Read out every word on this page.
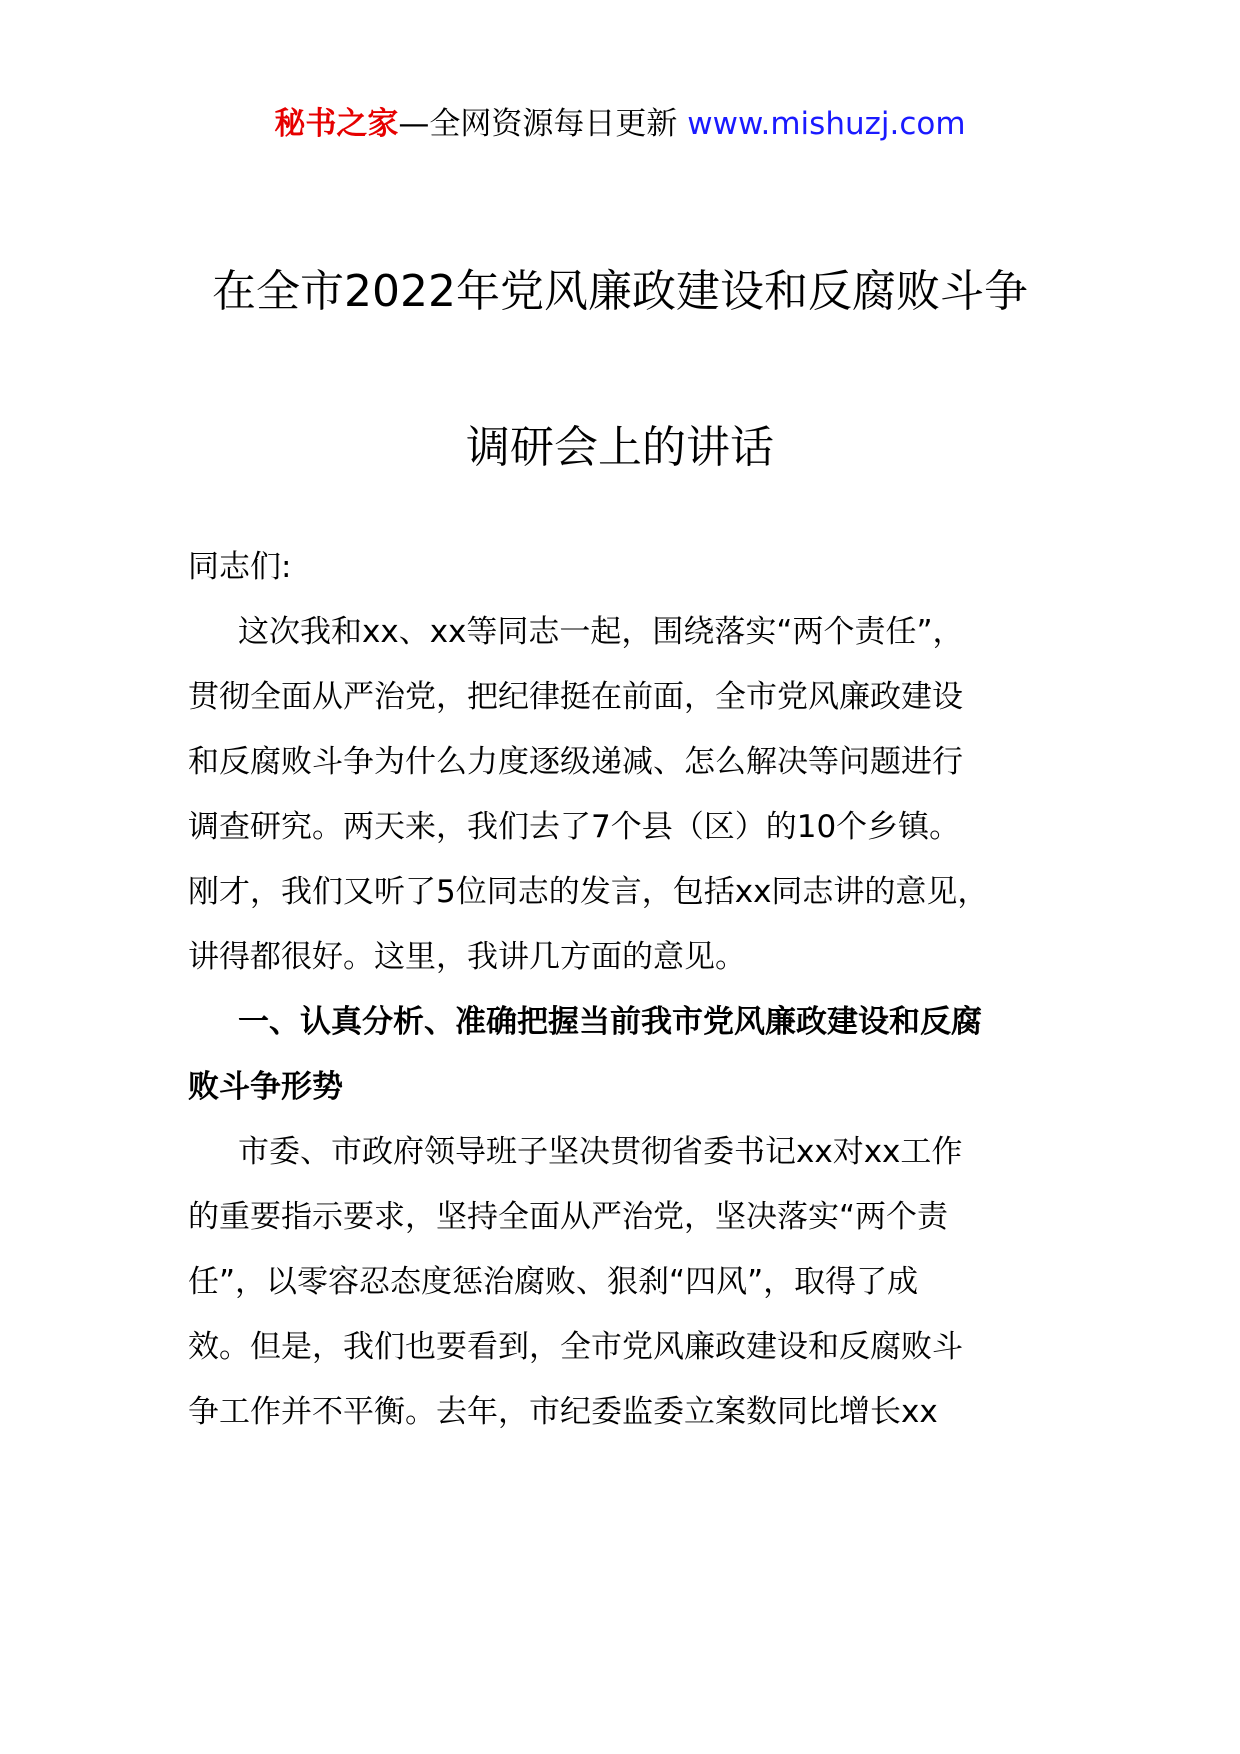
秘书之家—全网资源每日更新 www.mishuzj.com
在全市2022年党风廉政建设和反腐败斗争
调研会上的讲话
同志们:
这次我和xx、xx等同志一起，围绕落实“两个责任”，
贯彻全面从严治党，把纪律挺在前面，全市党风廉政建设
和反腐败斗争为什么力度逐级递减、怎么解决等问题进行
调查研究。两天来，我们去了7个县（区）的10个乡镇。
刚才，我们又听了5位同志的发言，包括xx同志讲的意见，
讲得都很好。这里，我讲几方面的意见。
一、认真分析、准确把握当前我市党风廉政建设和反腐
败斗争形势
市委、市政府领导班子坚决贯彻省委书记xx对xx工作
的重要指示要求，坚持全面从严治党，坚决落实“两个责
任”，以零容忍态度惩治腐败、狠刹“四风”，取得了成
效。但是，我们也要看到，全市党风廉政建设和反腐败斗
争工作并不平衡。去年，市纪委监委立案数同比增长xx
